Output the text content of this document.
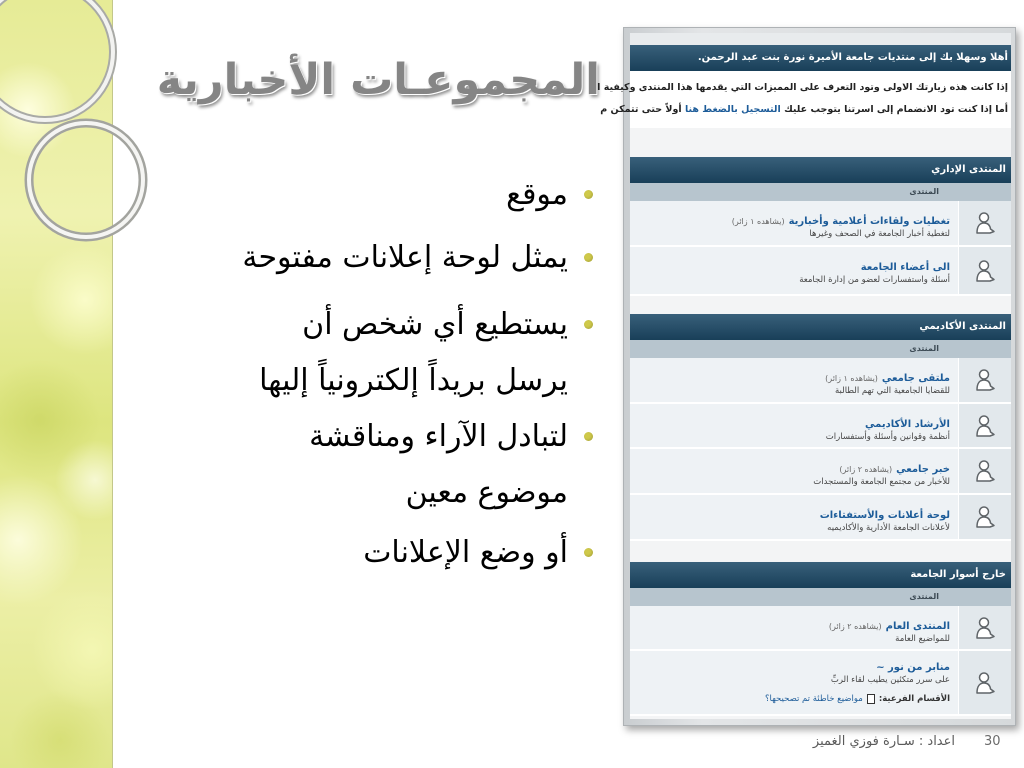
المجموعـات الأخبارية
موقع
يمثل لوحة إعلانات مفتوحة
يستطيع أي شخص أن
يرسل بريداً إلكترونياً إليها
لتبادل الآراء ومناقشة
موضوع معين
أو وضع الإعلانات
أهلا وسهلا بك إلى منتديات جامعة الأميرة نورة بنت عبد الرحمن.
إذا كانت هذه زيارتك الاولى وتود التعرف على المميزات التي يقدمها هذا المنتدى وكيفية ا
أما إذا كنت تود الانضمام إلى اسرتنا يتوجب عليك التسجيل بالضغط هنا أولاً حتى تتمكن م
المنتدى الإداري
المنتدى
تغطيات ولقاءات أعلامية وأخبارية(يشاهده ١ زائر)
لتغطية أخبار الجامعة في الصحف وغيرها
الى أعضاء الجامعة
أسئلة واستفسارات لعضو من إدارة الجامعة
المنتدى الأكاديمي
المنتدى
ملتقى جامعي(يشاهده ١ زائر)
للقضايا الجامعية التي تهم الطالبة
الأرشاد الأكاديمي
أنظمة وقوانين وأسئلة وأستفسارات
خبر جامعي(يشاهده ٢ زائر)
للأخبار من مجتمع الجامعة والمستجدات
لوحة أعلانات والأستفتاءات
لأعلانات الجامعة الأدارية والأكاديميه
خارج أسوار الجامعة
المنتدى
المنتدى العام(يشاهده ٢ زائر)
للمواضيع العامة
منابر من نور ~
على سرر متكئين يطيب لقاء الربِّ
الأقسام الفرعية:مواضيع خاطئة تم تصحيحها؟
اعداد : سـارة فوزي الغميز 30
